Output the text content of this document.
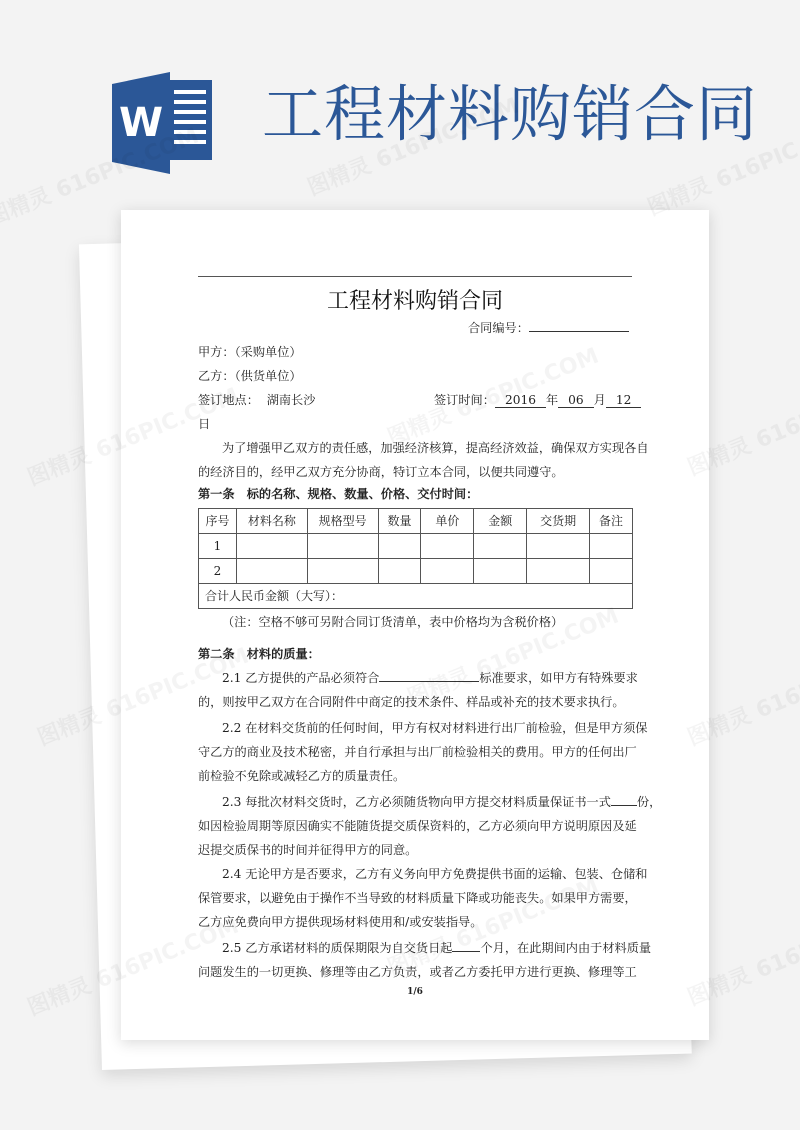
W 工程材料购销合同
工程材料购销合同
合同编号：
甲方：（采购单位）
乙方：（供货单位）
签订地点： 湖南长沙	签订时间： 2016 年 06 月 12
日
为了增强甲乙双方的责任感，加强经济核算，提高经济效益，确保双方实现各自
的经济目的，经甲乙双方充分协商，特订立本合同，以便共同遵守。
第一条　标的名称、规格、数量、价格、交付时间：
序号	材料名称	规格型号	数量	单价	金额	交货期	备注
1							
2							
合计人民币金额（大写）：							
（注：空格不够可另附合同订货清单，表中价格均为含税价格）
第二条　材料的质量：
2.1 乙方提供的产品必须符合	标准要求，如甲方有特殊要求
的，则按甲乙双方在合同附件中商定的技术条件、样品或补充的技术要求执行。
2.2 在材料交货前的任何时间，甲方有权对材料进行出厂前检验，但是甲方须保
守乙方的商业及技术秘密，并自行承担与出厂前检验相关的费用。甲方的任何出厂
前检验不免除或减轻乙方的质量责任。
2.3 每批次材料交货时，乙方必须随货物向甲方提交材料质量保证书一式 份，
如因检验周期等原因确实不能随货提交质保资料的，乙方必须向甲方说明原因及延
迟提交质保书的时间并征得甲方的同意。
2.4 无论甲方是否要求，乙方有义务向甲方免费提供书面的运输、包装、仓储和
保管要求，以避免由于操作不当导致的材料质量下降或功能丧失。如果甲方需要，
乙方应免费向甲方提供现场材料使用和/或安装指导。
2.5 乙方承诺材料的质保期限为自交货日起 个月，在此期间内由于材料质量
问题发生的一切更换、修理等由乙方负责，或者乙方委托甲方进行更换、修理等工
1/6
